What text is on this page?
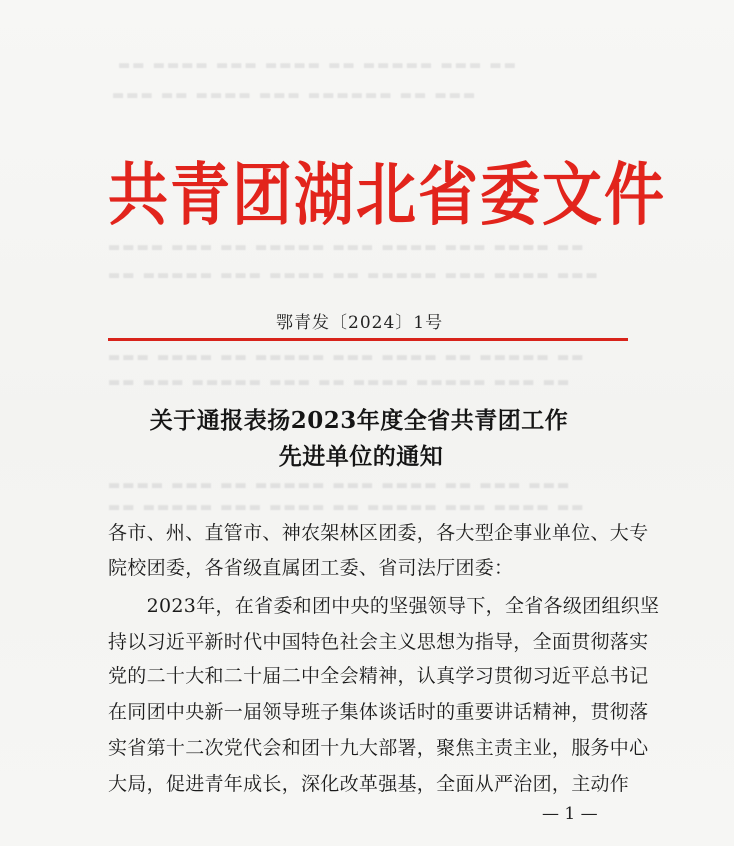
▬▬ ▬▬▬▬ ▬▬▬ ▬▬▬▬ ▬▬ ▬▬▬▬▬ ▬▬▬ ▬▬
▬▬▬ ▬▬ ▬▬▬▬ ▬▬▬ ▬▬▬▬▬▬ ▬▬ ▬▬▬
▬▬▬▬ ▬▬▬ ▬▬ ▬▬▬▬▬ ▬▬▬ ▬▬▬▬ ▬▬▬ ▬▬▬▬ ▬▬
▬▬ ▬▬▬▬▬ ▬▬▬ ▬▬▬▬ ▬▬ ▬▬▬▬▬ ▬▬▬ ▬▬▬▬ ▬▬▬
▬▬▬ ▬▬▬▬ ▬▬ ▬▬▬▬▬ ▬▬▬ ▬▬▬▬ ▬▬ ▬▬▬▬▬ ▬▬
▬▬ ▬▬▬ ▬▬▬▬▬ ▬▬▬ ▬▬ ▬▬▬▬ ▬▬▬▬▬ ▬▬▬ ▬▬
▬▬▬▬ ▬▬▬ ▬▬ ▬▬▬▬▬ ▬▬▬ ▬▬▬▬ ▬▬ ▬▬▬ ▬▬▬
▬▬ ▬▬▬▬▬ ▬▬▬ ▬▬▬▬ ▬▬ ▬▬▬▬▬ ▬▬▬ ▬▬▬▬ ▬▬
共青团湖北省委文件
鄂青发〔2024〕1号
关于通报表扬2023年度全省共青团工作
先进单位的通知
各市、州、直管市、神农架林区团委，各大型企事业单位、大专
院校团委，各省级直属团工委、省司法厅团委：
　　2023年，在省委和团中央的坚强领导下，全省各级团组织坚
持以习近平新时代中国特色社会主义思想为指导，全面贯彻落实
党的二十大和二十届二中全会精神，认真学习贯彻习近平总书记
在同团中央新一届领导班子集体谈话时的重要讲话精神，贯彻落
实省第十二次党代会和团十九大部署，聚焦主责主业，服务中心
大局，促进青年成长，深化改革强基，全面从严治团，主动作
— 1 —
